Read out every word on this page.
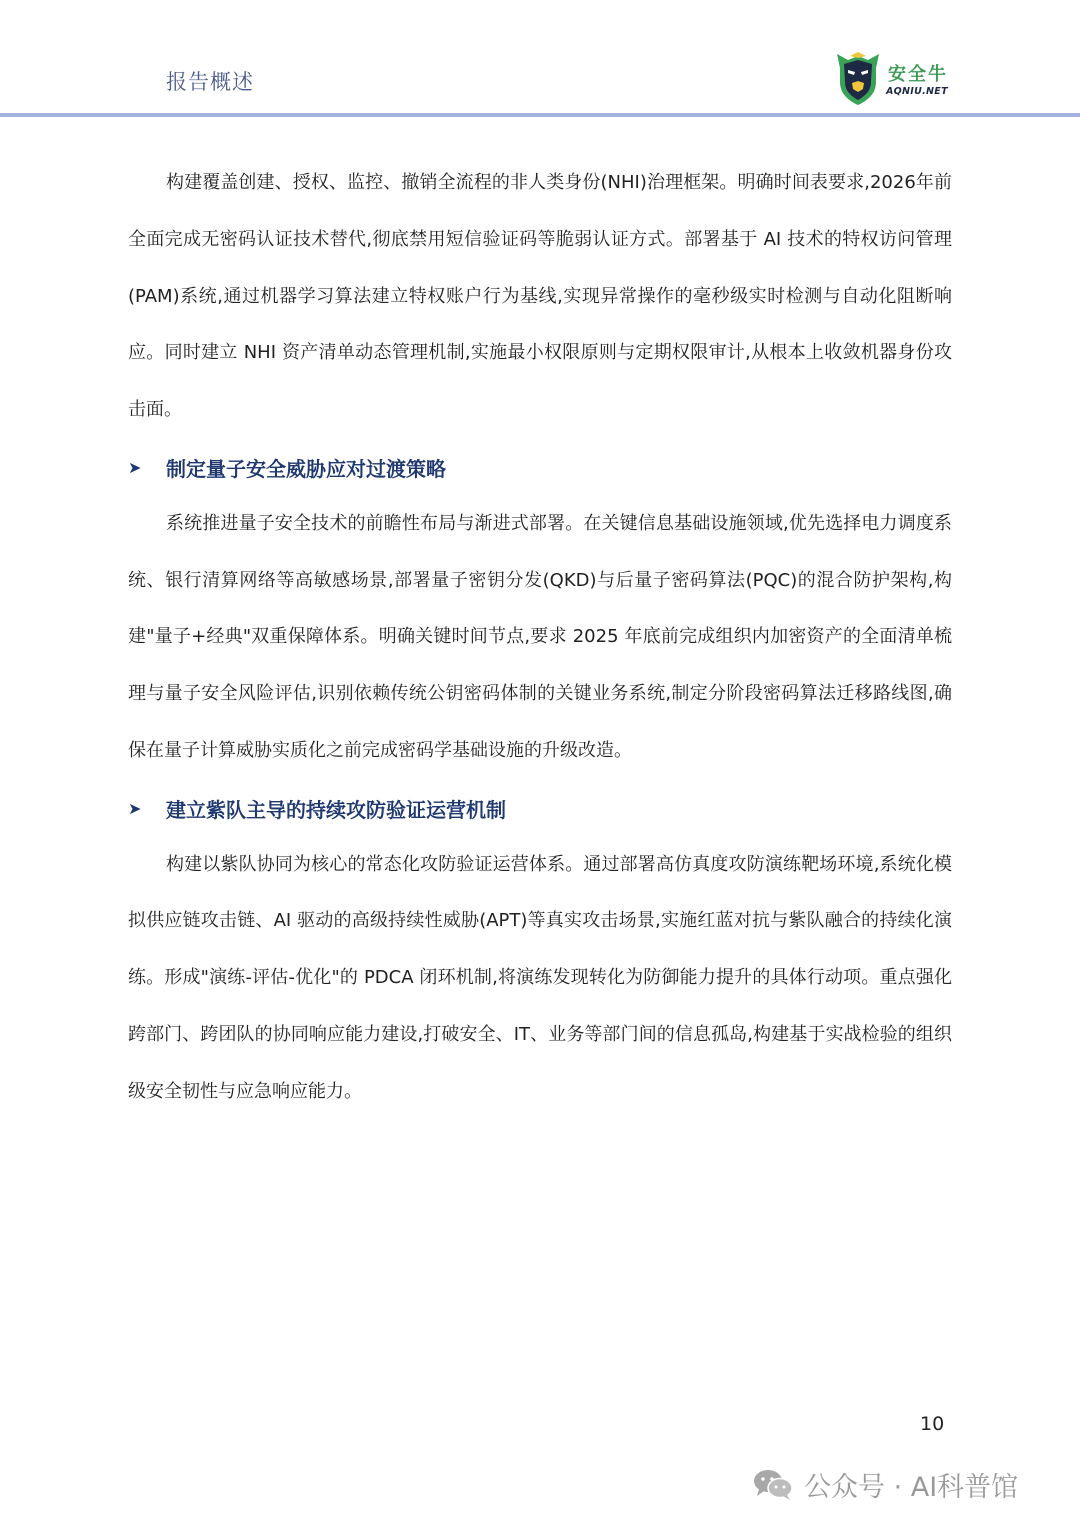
报告概述	安全牛
AQNIU.NET

构建覆盖创建、授权、监控、撤销全流程的非人类身份(NHI)治理框架。明确时间表要求,2026年前全面完成无密码认证技术替代,彻底禁用短信验证码等脆弱认证方式。部署基于 AI 技术的特权访问管理(PAM)系统,通过机器学习算法建立特权账户行为基线,实现异常操作的毫秒级实时检测与自动化阻断响应。同时建立 NHI 资产清单动态管理机制,实施最小权限原则与定期权限审计,从根本上收敛机器身份攻击面。

➤	制定量子安全威胁应对过渡策略

系统推进量子安全技术的前瞻性布局与渐进式部署。在关键信息基础设施领域,优先选择电力调度系统、银行清算网络等高敏感场景,部署量子密钥分发(QKD)与后量子密码算法(PQC)的混合防护架构,构建"量子+经典"双重保障体系。明确关键时间节点,要求 2025 年底前完成组织内加密资产的全面清单梳理与量子安全风险评估,识别依赖传统公钥密码体制的关键业务系统,制定分阶段密码算法迁移路线图,确保在量子计算威胁实质化之前完成密码学基础设施的升级改造。

➤	建立紫队主导的持续攻防验证运营机制

构建以紫队协同为核心的常态化攻防验证运营体系。通过部署高仿真度攻防演练靶场环境,系统化模拟供应链攻击链、AI 驱动的高级持续性威胁(APT)等真实攻击场景,实施红蓝对抗与紫队融合的持续化演练。形成"演练-评估-优化"的 PDCA 闭环机制,将演练发现转化为防御能力提升的具体行动项。重点强化跨部门、跨团队的协同响应能力建设,打破安全、IT、业务等部门间的信息孤岛,构建基于实战检验的组织级安全韧性与应急响应能力。

10
公众号 · AI科普馆
